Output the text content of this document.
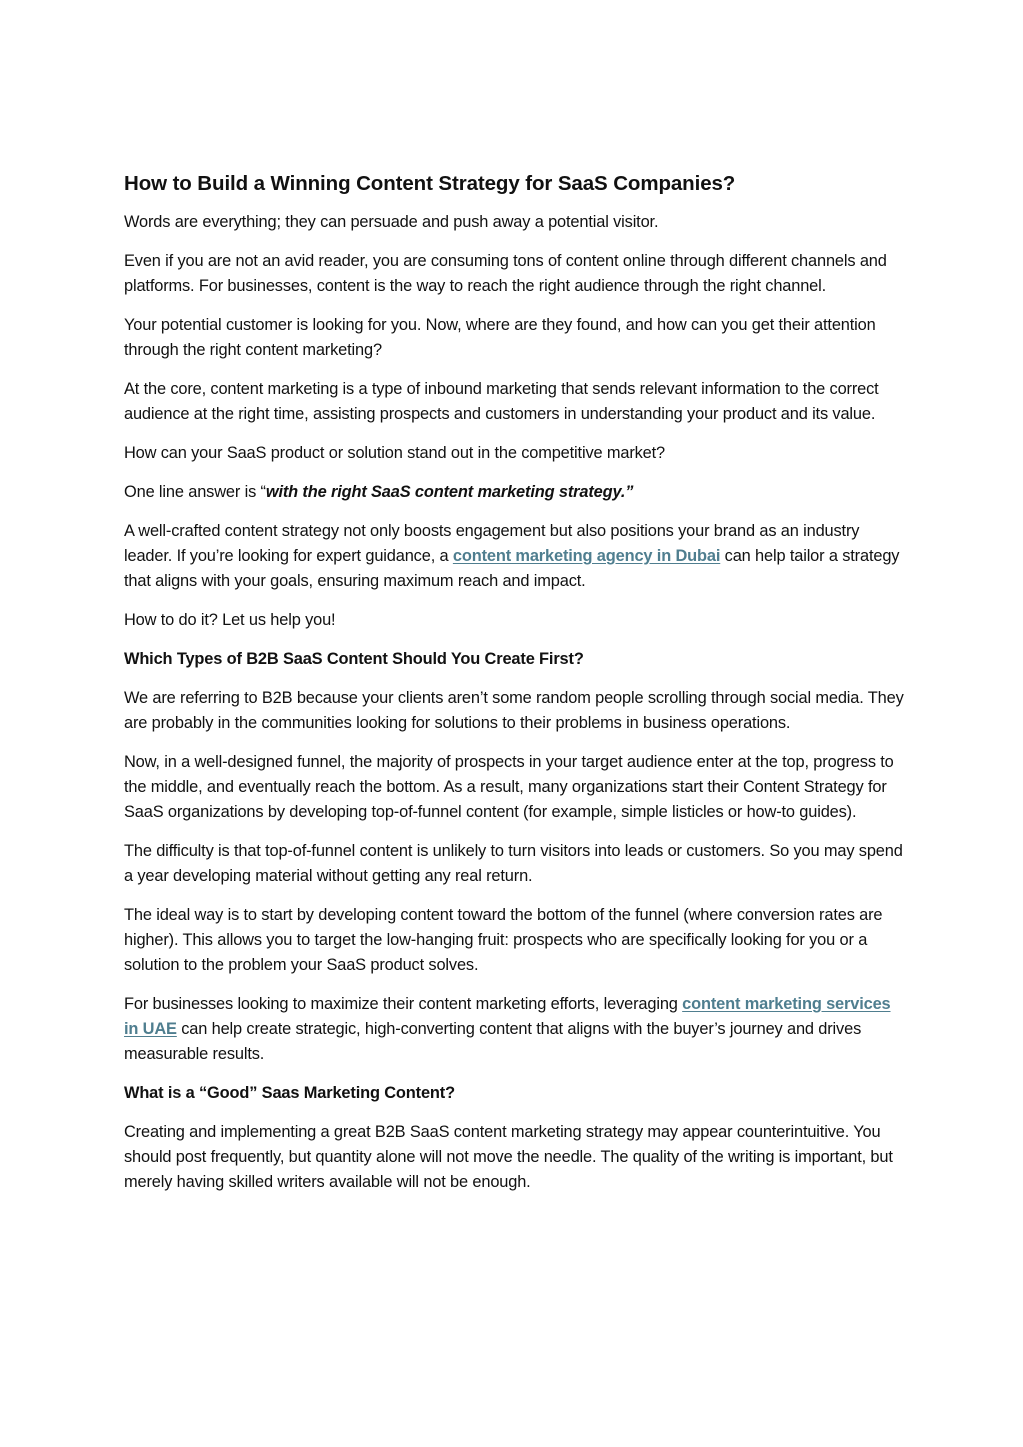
How to Build a Winning Content Strategy for SaaS Companies?

Words are everything; they can persuade and push away a potential visitor.

Even if you are not an avid reader, you are consuming tons of content online through different channels and platforms. For businesses, content is the way to reach the right audience through the right channel.

Your potential customer is looking for you. Now, where are they found, and how can you get their attention through the right content marketing?

At the core, content marketing is a type of inbound marketing that sends relevant information to the correct audience at the right time, assisting prospects and customers in understanding your product and its value.

How can your SaaS product or solution stand out in the competitive market?

One line answer is “with the right SaaS content marketing strategy.”

A well-crafted content strategy not only boosts engagement but also positions your brand as an industry leader. If you’re looking for expert guidance, a content marketing agency in Dubai can help tailor a strategy that aligns with your goals, ensuring maximum reach and impact.

How to do it? Let us help you!

Which Types of B2B SaaS Content Should You Create First?

We are referring to B2B because your clients aren’t some random people scrolling through social media. They are probably in the communities looking for solutions to their problems in business operations.

Now, in a well-designed funnel, the majority of prospects in your target audience enter at the top, progress to the middle, and eventually reach the bottom. As a result, many organizations start their Content Strategy for SaaS organizations by developing top-of-funnel content (for example, simple listicles or how-to guides).

The difficulty is that top-of-funnel content is unlikely to turn visitors into leads or customers. So you may spend a year developing material without getting any real return.

The ideal way is to start by developing content toward the bottom of the funnel (where conversion rates are higher). This allows you to target the low-hanging fruit: prospects who are specifically looking for you or a solution to the problem your SaaS product solves.

For businesses looking to maximize their content marketing efforts, leveraging content marketing services in UAE can help create strategic, high-converting content that aligns with the buyer’s journey and drives measurable results.

What is a “Good” Saas Marketing Content?

Creating and implementing a great B2B SaaS content marketing strategy may appear counterintuitive. You should post frequently, but quantity alone will not move the needle. The quality of the writing is important, but merely having skilled writers available will not be enough.
